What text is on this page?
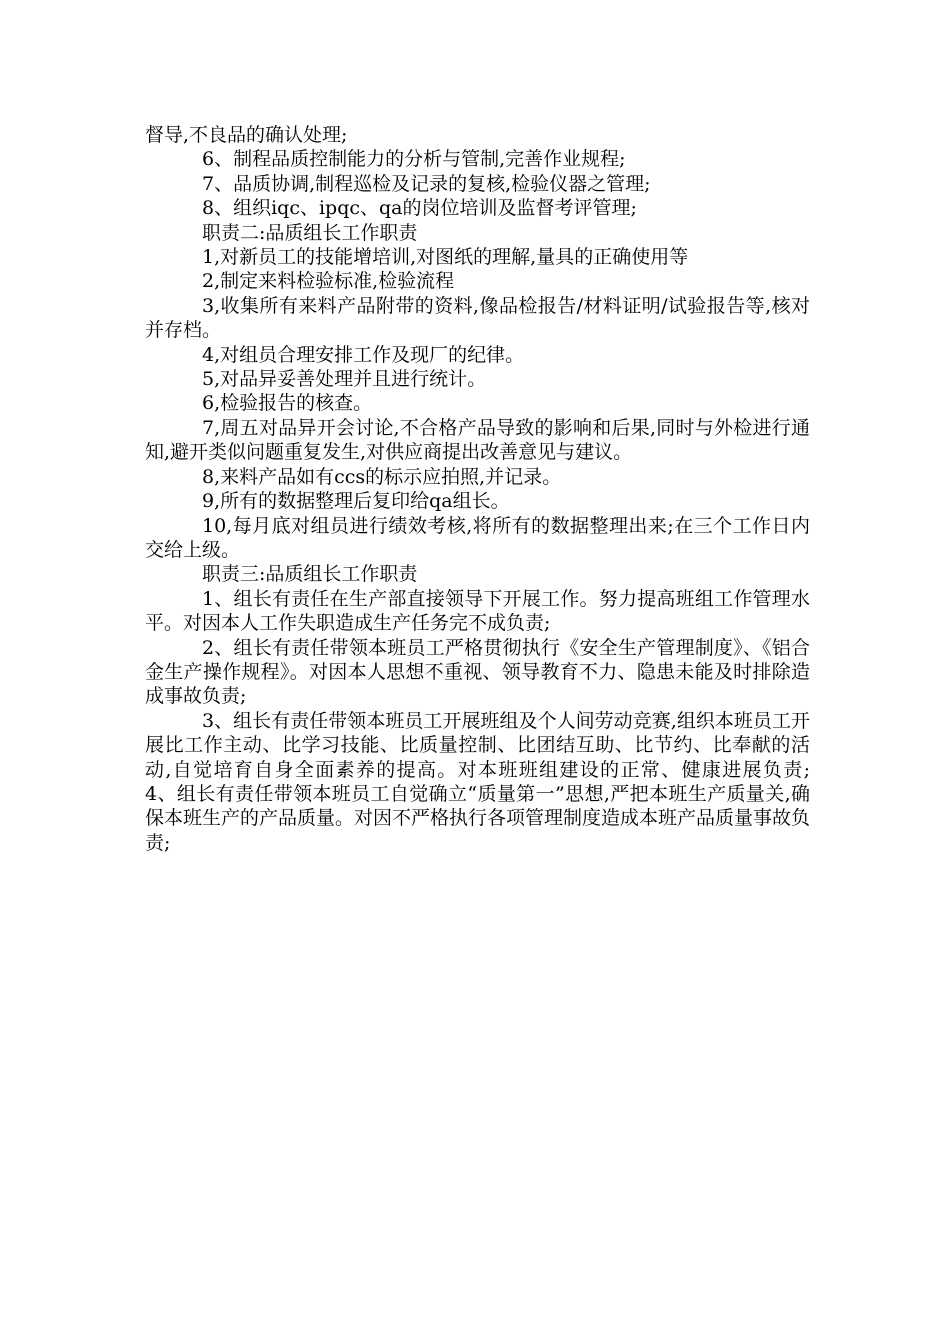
督导,不良品的确认处理;

6、制程品质控制能力的分析与管制,完善作业规程;

7、品质协调,制程巡检及记录的复核,检验仪器之管理;

8、组织iqc、ipqc、qa的岗位培训及监督考评管理;

职责二:品质组长工作职责

1,对新员工的技能增培训,对图纸的理解,量具的正确使用等

2,制定来料检验标准,检验流程

3,收集所有来料产品附带的资料,像品检报告/材料证明/试验报告等,核对并存档。

4,对组员合理安排工作及现厂的纪律。

5,对品异妥善处理并且进行统计。

6,检验报告的核查。

7,周五对品异开会讨论,不合格产品导致的影响和后果,同时与外检进行通知,避开类似问题重复发生,对供应商提出改善意见与建议。

8,来料产品如有ccs的标示应拍照,并记录。

9,所有的数据整理后复印给qa组长。

10,每月底对组员进行绩效考核,将所有的数据整理出来;在三个工作日内交给上级。

职责三:品质组长工作职责

1、组长有责任在生产部直接领导下开展工作。努力提高班组工作管理水平。对因本人工作失职造成生产任务完不成负责;

2、组长有责任带领本班员工严格贯彻执行《安全生产管理制度》、《铝合金生产操作规程》。对因本人思想不重视、领导教育不力、隐患未能及时排除造成事故负责;

3、组长有责任带领本班员工开展班组及个人间劳动竞赛,组织本班员工开展比工作主动、比学习技能、比质量控制、比团结互助、比节约、比奉献的活动,自觉培育自身全面素养的提高。对本班班组建设的正常、健康进展负责;　4、组长有责任带领本班员工自觉确立“质量第一”思想,严把本班生产质量关,确保本班生产的产品质量。对因不严格执行各项管理制度造成本班产品质量事故负责;
